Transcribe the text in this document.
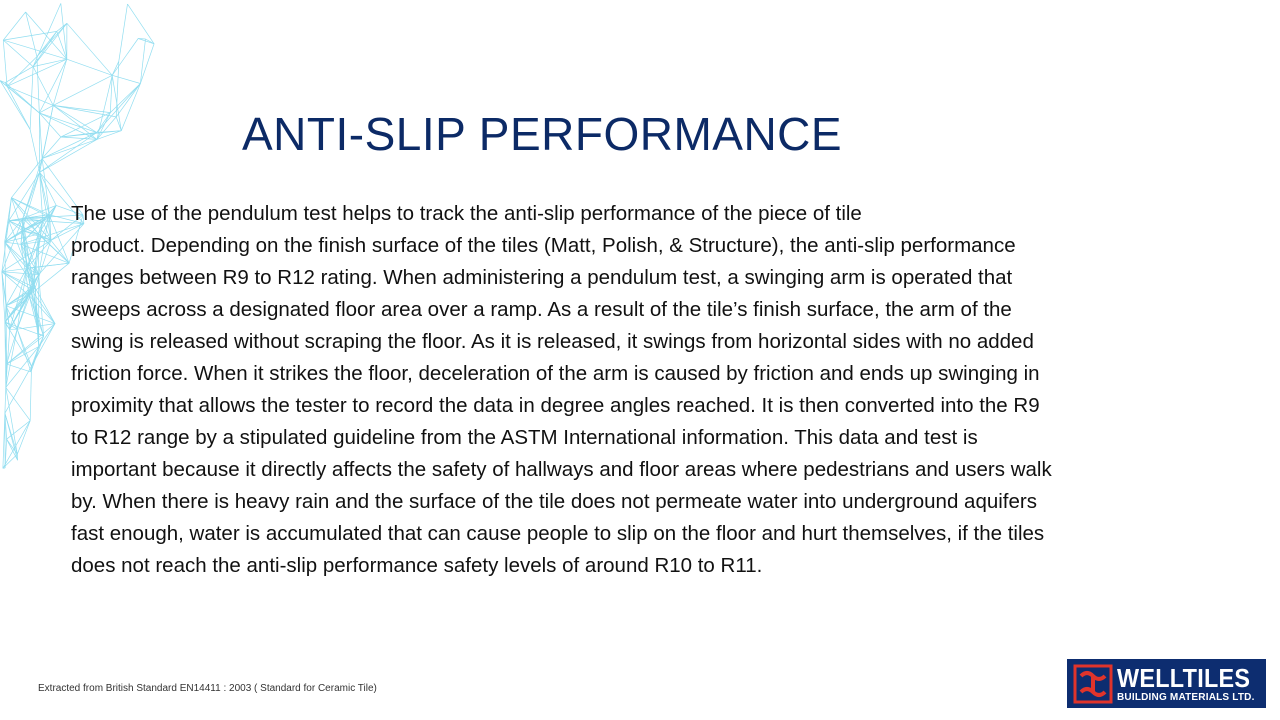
ANTI-SLIP PERFORMANCE
The use of the pendulum test helps to track the anti-slip performance of the piece of tile
product. Depending on the finish surface of the tiles (Matt, Polish, & Structure), the anti-slip performance
ranges between R9 to R12 rating. When administering a pendulum test, a swinging arm is operated that
sweeps across a designated floor area over a ramp. As a result of the tile’s finish surface, the arm of the
swing is released without scraping the floor. As it is released, it swings from horizontal sides with no added
friction force. When it strikes the floor, deceleration of the arm is caused by friction and ends up swinging in
proximity that allows the tester to record the data in degree angles reached. It is then converted into the R9
to R12 range by a stipulated guideline from the ASTM International information. This data and test is
important because it directly affects the safety of hallways and floor areas where pedestrians and users walk
by. When there is heavy rain and the surface of the tile does not permeate water into underground aquifers
fast enough, water is accumulated that can cause people to slip on the floor and hurt themselves, if the tiles
does not reach the anti-slip performance safety levels of around R10 to R11.

Extracted from British Standard EN14411 : 2003 ( Standard for Ceramic Tile)	WELLTILES
BUILDING MATERIALS LTD.
